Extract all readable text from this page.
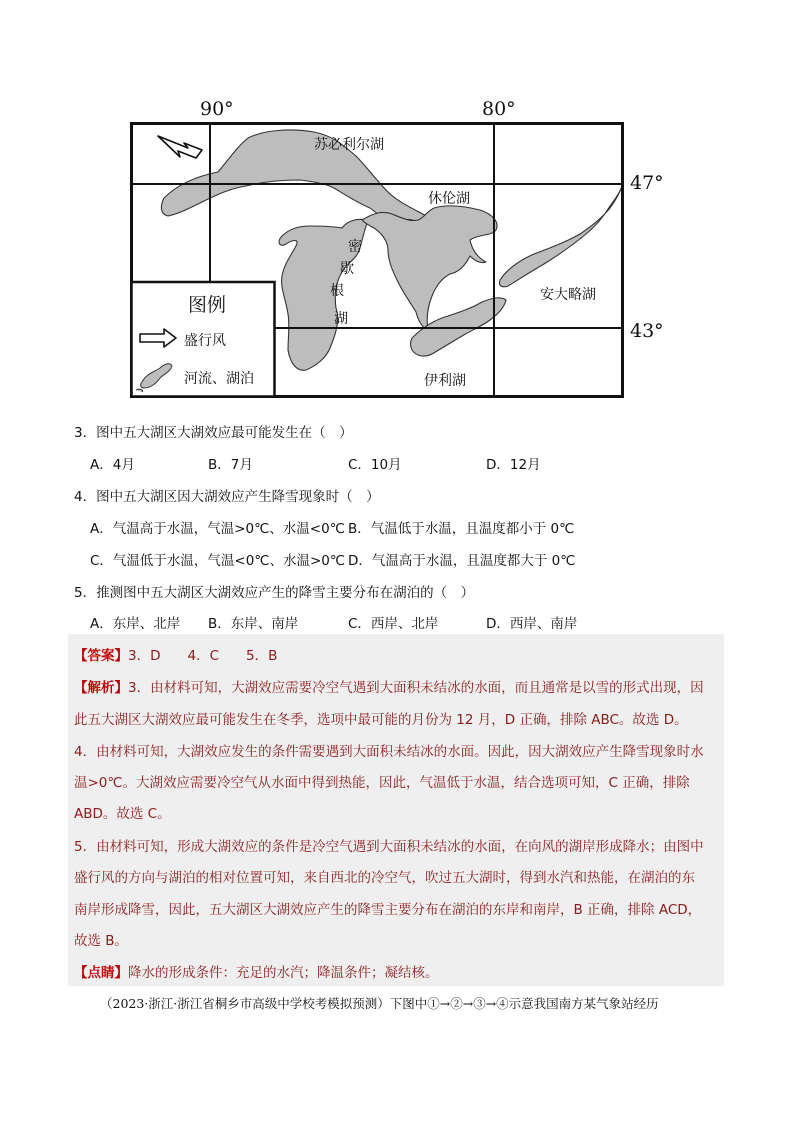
90°	80°
47°
43°
苏必利尔湖
休伦湖
密
歇
根
湖
安大略湖
伊利湖
图例
盛行风
河流、湖泊
3．图中五大湖区大湖效应最可能发生在（　）
A．4月	B．7月	C．10月	D．12月
4．图中五大湖区因大湖效应产生降雪现象时（　）
A．气温高于水温，气温>0℃、水温<0℃ B．气温低于水温，且温度都小于 0℃
C．气温低于水温，气温<0℃、水温>0℃ D．气温高于水温，且温度都大于 0℃
5．推测图中五大湖区大湖效应产生的降雪主要分布在湖泊的（　）
A．东岸、北岸 B．东岸、南岸	C．西岸、北岸	D．西岸、南岸
【答案】3．D　　4．C　　5．B
【解析】3．由材料可知，大湖效应需要冷空气遇到大面积未结冰的水面，而且通常是以雪的形式出现，因
此五大湖区大湖效应最可能发生在冬季，选项中最可能的月份为 12 月，D 正确，排除 ABC。故选 D。
4．由材料可知，大湖效应发生的条件需要遇到大面积未结冰的水面。因此，因大湖效应产生降雪现象时水
温>0℃。大湖效应需要冷空气从水面中得到热能，因此，气温低于水温，结合选项可知，C 正确，排除
ABD。故选 C。
5．由材料可知，形成大湖效应的条件是冷空气遇到大面积未结冰的水面，在向风的湖岸形成降水；由图中
盛行风的方向与湖泊的相对位置可知，来自西北的冷空气，吹过五大湖时，得到水汽和热能，在湖泊的东
南岸形成降雪，因此，五大湖区大湖效应产生的降雪主要分布在湖泊的东岸和南岸，B 正确，排除 ACD，
故选 B。
【点睛】降水的形成条件：充足的水汽；降温条件；凝结核。
（2023·浙江·浙江省桐乡市高级中学校考模拟预测）下图中①→②→③→④示意我国南方某气象站经历
